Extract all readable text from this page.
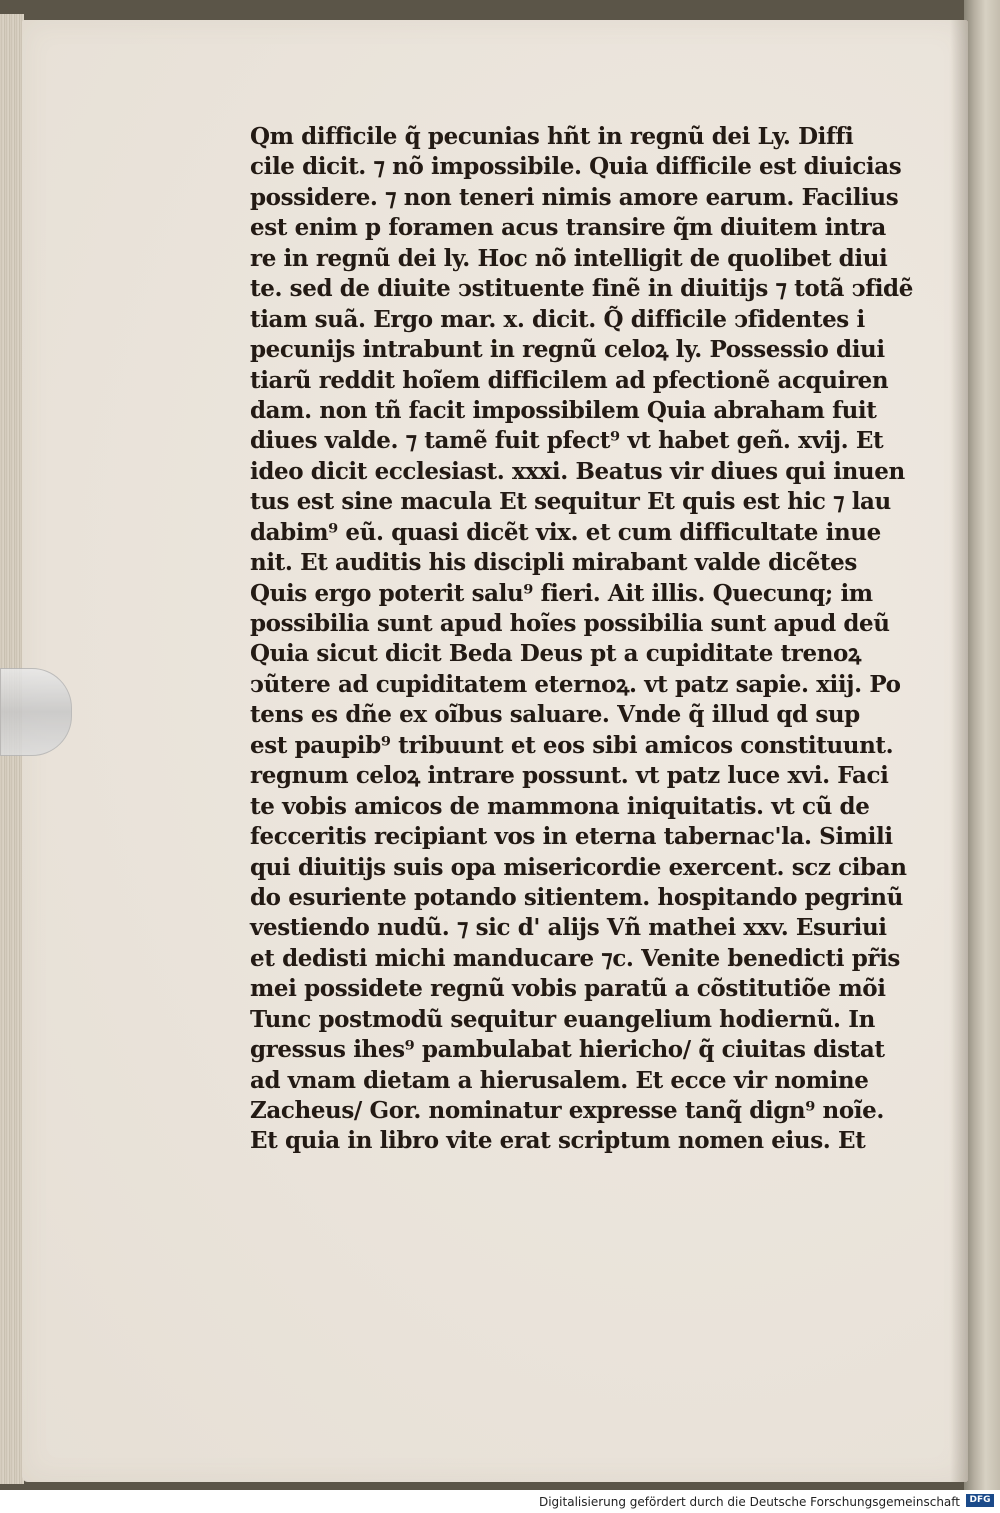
Qm difficile q̃ pecunias hñt in regnũ dei Ly. Diffi
cile dicit. ⁊ nõ impossibile. Quia difficile est diuicias
possidere. ⁊ non teneri nimis amore earum. Facilius
est enim p foramen acus transire q̃m diuitem intra
re in regnũ dei ly. Hoc nõ intelligit de quolibet diui
te. sed de diuite ↄstituente finẽ in diuitijs ⁊ totã ↄfidẽ
tiam suã. Ergo mar. x. dicit. Q̃ difficile ↄfidentes i
pecunijs intrabunt in regnũ celoꝝ ly. Possessio diui
tiarũ reddit hoĩem difficilem ad pfectionẽ acquiren
dam. non tñ facit impossibilem Quia abraham fuit
diues valde. ⁊ tamẽ fuit pfect⁹ vt habet geñ. xvij. Et
ideo dicit ecclesiast. xxxi. Beatus vir diues qui inuen
tus est sine macula Et sequitur Et quis est hic ⁊ lau
dabim⁹ eũ. quasi dicẽt vix. et cum difficultate inue
nit. Et auditis his discipli mirabant valde dicẽtes
Quis ergo poterit salu⁹ fieri. Ait illis. Quecunq; im
possibilia sunt apud hoĩes possibilia sunt apud deũ
Quia sicut dicit Beda Deus pt a cupiditate trenoꝝ
ↄũtere ad cupiditatem eternoꝝ. vt patz sapie. xiij. Po
tens es dñe ex oĩbus saluare. Vnde q̃ illud qd sup
est paupib⁹ tribuunt et eos sibi amicos constituunt.
regnum celoꝝ intrare possunt. vt patz luce xvi. Faci
te vobis amicos de mammona iniquitatis. vt cũ de
fecceritis recipiant vos in eterna tabernac'la. Simili
qui diuitijs suis opa misericordie exercent. scz ciban
do esuriente potando sitientem. hospitando pegrinũ
vestiendo nudũ. ⁊ sic d' alijs Vñ mathei xxv. Esuriui
et dedisti michi manducare ⁊c. Venite benedicti pr̃is
mei possidete regnũ vobis paratũ a cõstitutiõe mõi
Tunc postmodũ sequitur euangelium hodiernũ. In
gressus ihes⁹ pambulabat hiericho/ q̃ ciuitas distat
ad vnam dietam a hierusalem. Et ecce vir nomine
Zacheus/ Gor. nominatur expresse tanq̃ dign⁹ noĩe.
Et quia in libro vite erat scriptum nomen eius. Et
Digitalisierung gefördert durch die Deutsche Forschungsgemeinschaft	DFG
